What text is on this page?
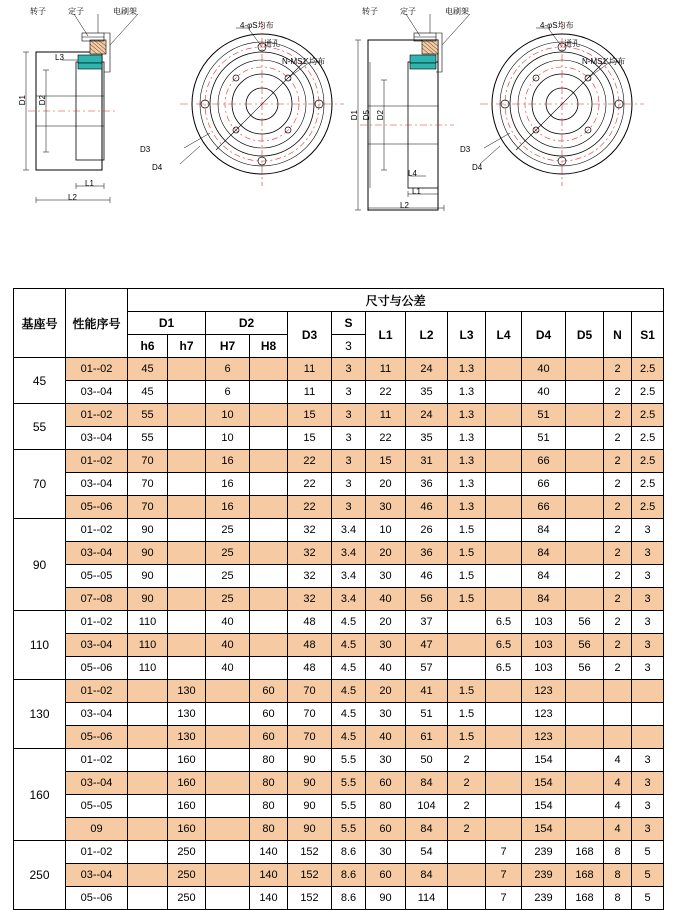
转子	定子	电刷架
D1 D2
L3
L1
L2
4-φS均布
通孔
N-MS1 均布
D3
D4
转子	定子	电刷架
D1 D5 D2
L4
L1
L2
4-φS均布
通孔
N-MS1 均布
D3
D4
基座号	性能序号	尺寸与公差													
		D1		D2		D3	S	L1	L2	L3	L4	D4	D5	N	S1
		h6	h7	H7	H8		3								
45	01--02	45		6		11	3	11	24	1.3		40		2	2.5
	03--04	45		6		11	3	22	35	1.3		40		2	2.5
55	01--02	55		10		15	3	11	24	1.3		51		2	2.5
	03--04	55		10		15	3	22	35	1.3		51		2	2.5
70	01--02	70		16		22	3	15	31	1.3		66		2	2.5
	03--04	70		16		22	3	20	36	1.3		66		2	2.5
	05--06	70		16		22	3	30	46	1.3		66		2	2.5
90	01--02	90		25		32	3.4	10	26	1.5		84		2	3
	03--04	90		25		32	3.4	20	36	1.5		84		2	3
	05--05	90		25		32	3.4	30	46	1.5		84		2	3
	07--08	90		25		32	3.4	40	56	1.5		84		2	3
110	01--02	110		40		48	4.5	20	37		6.5	103	56	2	3
	03--04	110		40		48	4.5	30	47		6.5	103	56	2	3
	05--06	110		40		48	4.5	40	57		6.5	103	56	2	3
130	01--02		130		60	70	4.5	20	41	1.5		123			
	03--04		130		60	70	4.5	30	51	1.5		123			
	05--06		130		60	70	4.5	40	61	1.5		123			
160	01--02		160		80	90	5.5	30	50	2		154		4	3
	03--04		160		80	90	5.5	60	84	2		154		4	3
	05--05		160		80	90	5.5	80	104	2		154		4	3
	09		160		80	90	5.5	60	84	2		154		4	3
250	01--02		250		140	152	8.6	30	54		7	239	168	8	5
	03--04		250		140	152	8.6	60	84		7	239	168	8	5
	05--06		250		140	152	8.6	90	114		7	239	168	8	5
